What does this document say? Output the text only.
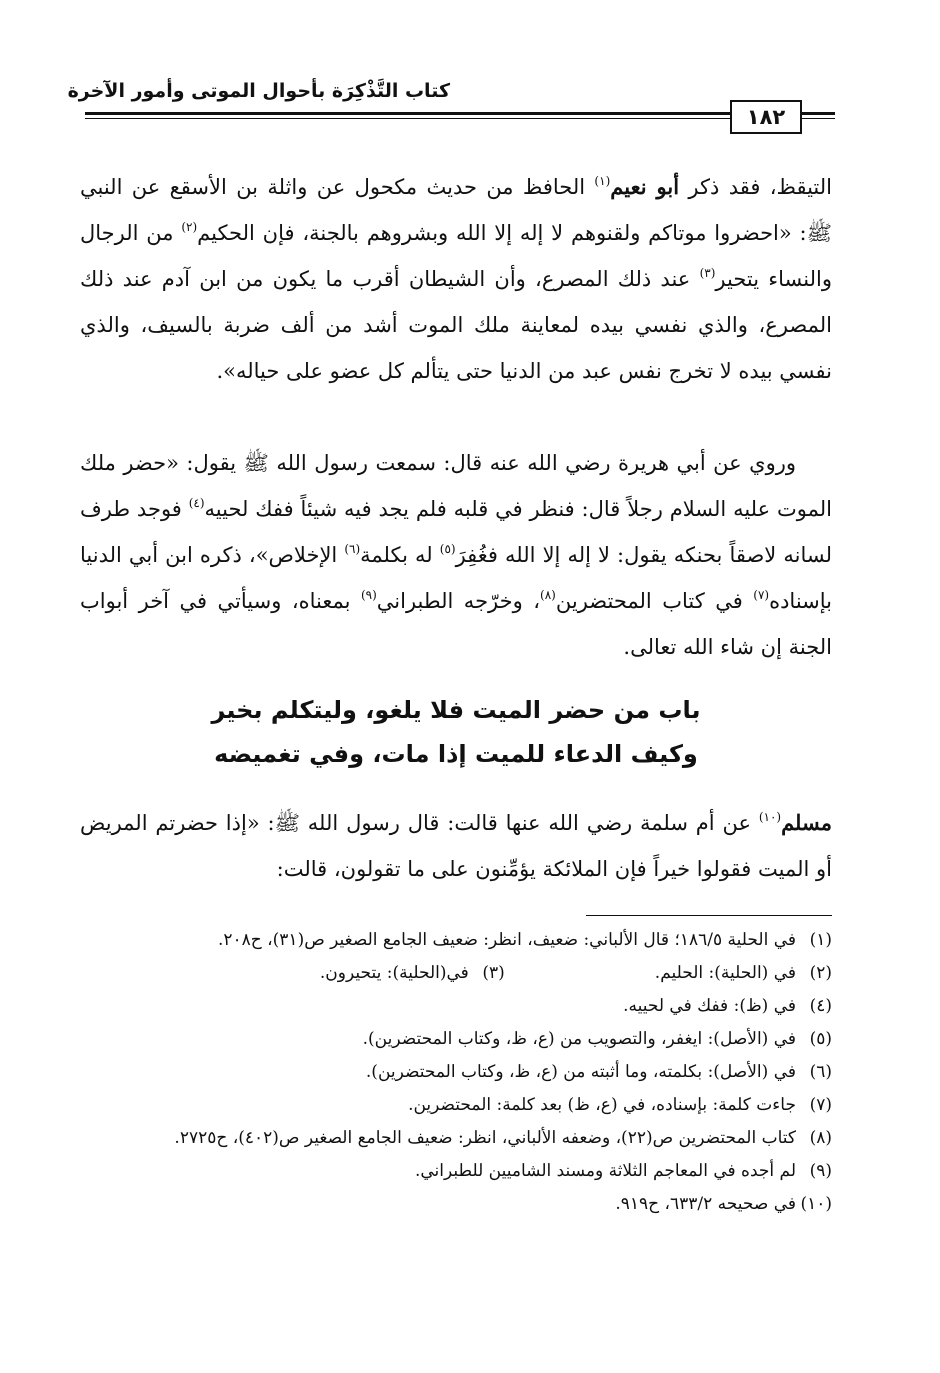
كتاب التَّذْكِرَة بأحوال الموتى وأمور الآخرة
١٨٢
التيقظ، فقد ذكر أبو نعيم$^{(١)}$ الحافظ من حديث مكحول عن واثلة بن الأسقع عن النبي ﷺ: «احضروا موتاكم ولقنوهم لا إله إلا الله وبشروهم بالجنة، فإن الحكيم$^{(٢)}$ من الرجال والنساء يتحير$^{(٣)}$ عند ذلك المصرع، وأن الشيطان أقرب ما يكون من ابن آدم عند ذلك المصرع، والذي نفسي بيده لمعاينة ملك الموت أشد من ألف ضربة بالسيف، والذي نفسي بيده لا تخرج نفس عبد من الدنيا حتى يتألم كل عضو على حياله».
وروي عن أبي هريرة رضي الله عنه قال: سمعت رسول الله ﷺ يقول: «حضر ملك الموت عليه السلام رجلاً قال: فنظر في قلبه فلم يجد فيه شيئاً ففك لحييه$^{(٤)}$ فوجد طرف لسانه لاصقاً بحنكه يقول: لا إله إلا الله فغُفِرَ$^{(٥)}$ له بكلمة$^{(٦)}$ الإخلاص»، ذكره ابن أبي الدنيا بإسناده$^{(٧)}$ في كتاب المحتضرين$^{(٨)}$، وخرّجه الطبراني$^{(٩)}$ بمعناه، وسيأتي في آخر أبواب الجنة إن شاء الله تعالى.
باب من حضر الميت فلا يلغو، وليتكلم بخير
وكيف الدعاء للميت إذا مات، وفي تغميضه
مسلم$^{(١٠)}$ عن أم سلمة رضي الله عنها قالت: قال رسول الله ﷺ: «إذا حضرتم المريض أو الميت فقولوا خيراً فإن الملائكة يؤمِّنون على ما تقولون، قالت:
(١)
في الحلية ١٨٦/٥؛ قال الألباني: ضعيف، انظر: ضعيف الجامع الصغير ص(٣١)، ح٢٠٨.
(٢)
في (الحلية): الحليم.
(٣)
في(الحلية): يتحيرون.
(٤)
في (ظ): ففك في لحييه.
(٥)
في (الأصل): ايغفر، والتصويب من (ع، ظ، وكتاب المحتضرين).
(٦)
في (الأصل): بكلمته، وما أثبته من (ع، ظ، وكتاب المحتضرين).
(٧)
جاءت كلمة: بإسناده، في (ع، ظ) بعد كلمة: المحتضرين.
(٨)
كتاب المحتضرين ص(٢٢)، وضعفه الألباني، انظر: ضعيف الجامع الصغير ص(٤٠٢)، ح٢٧٢٥.
(٩)
لم أجده في المعاجم الثلاثة ومسند الشاميين للطبراني.
(١٠)
في صحيحه ٦٣٣/٢، ح٩١٩.
